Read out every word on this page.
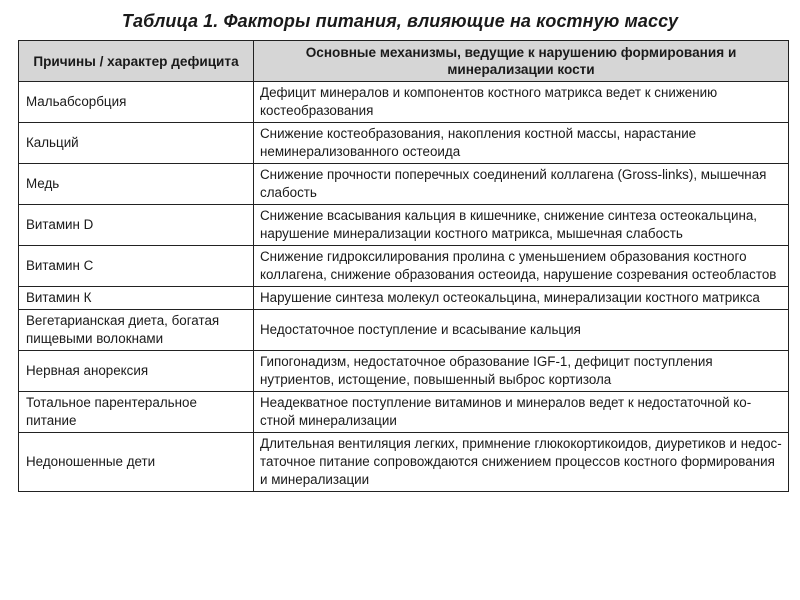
Таблица 1. Факторы питания, влияющие на костную массу
Причины / характер дефицита	Основные механизмы, ведущие к нарушению формирования и минерализации кости
Мальабсорбция	Дефицит минералов и компонентов костного матрикса ведет к снижению костеобразования
Кальций	Снижение костеобразования, накопления костной массы, нарастание неминерализованного остеоида
Медь	Снижение прочности поперечных соединений коллагена (Gross-links), мышечная слабость
Витамин D	Снижение всасывания кальция в кишечнике, снижение синтеза остеокальцина, нарушение минерализации костного матрикса, мышечная слабость
Витамин С	Снижение гидроксилирования пролина с уменьшением образования костного коллагена, снижение образования остеоида, нарушение созревания остеобластов
Витамин К	Нарушение синтеза молекул остеокальцина, минерализации костного матрикса
Вегетарианская диета, богатая пищевыми волокнами	Недостаточное поступление и всасывание кальция
Нервная анорексия	Гипогонадизм, недостаточное образование IGF-1, дефицит поступления нутриентов, истощение, повышенный выброс кортизола
Тотальное парентеральное питание	Неадекватное поступление витаминов и минералов ведет к недостаточной ко-стной минерализации
Недоношенные дети	Длительная вентиляция легких, примнение глюкокортикоидов, диуретиков и недос-таточное питание сопровождаются снижением процессов костного формирования и минерализации
